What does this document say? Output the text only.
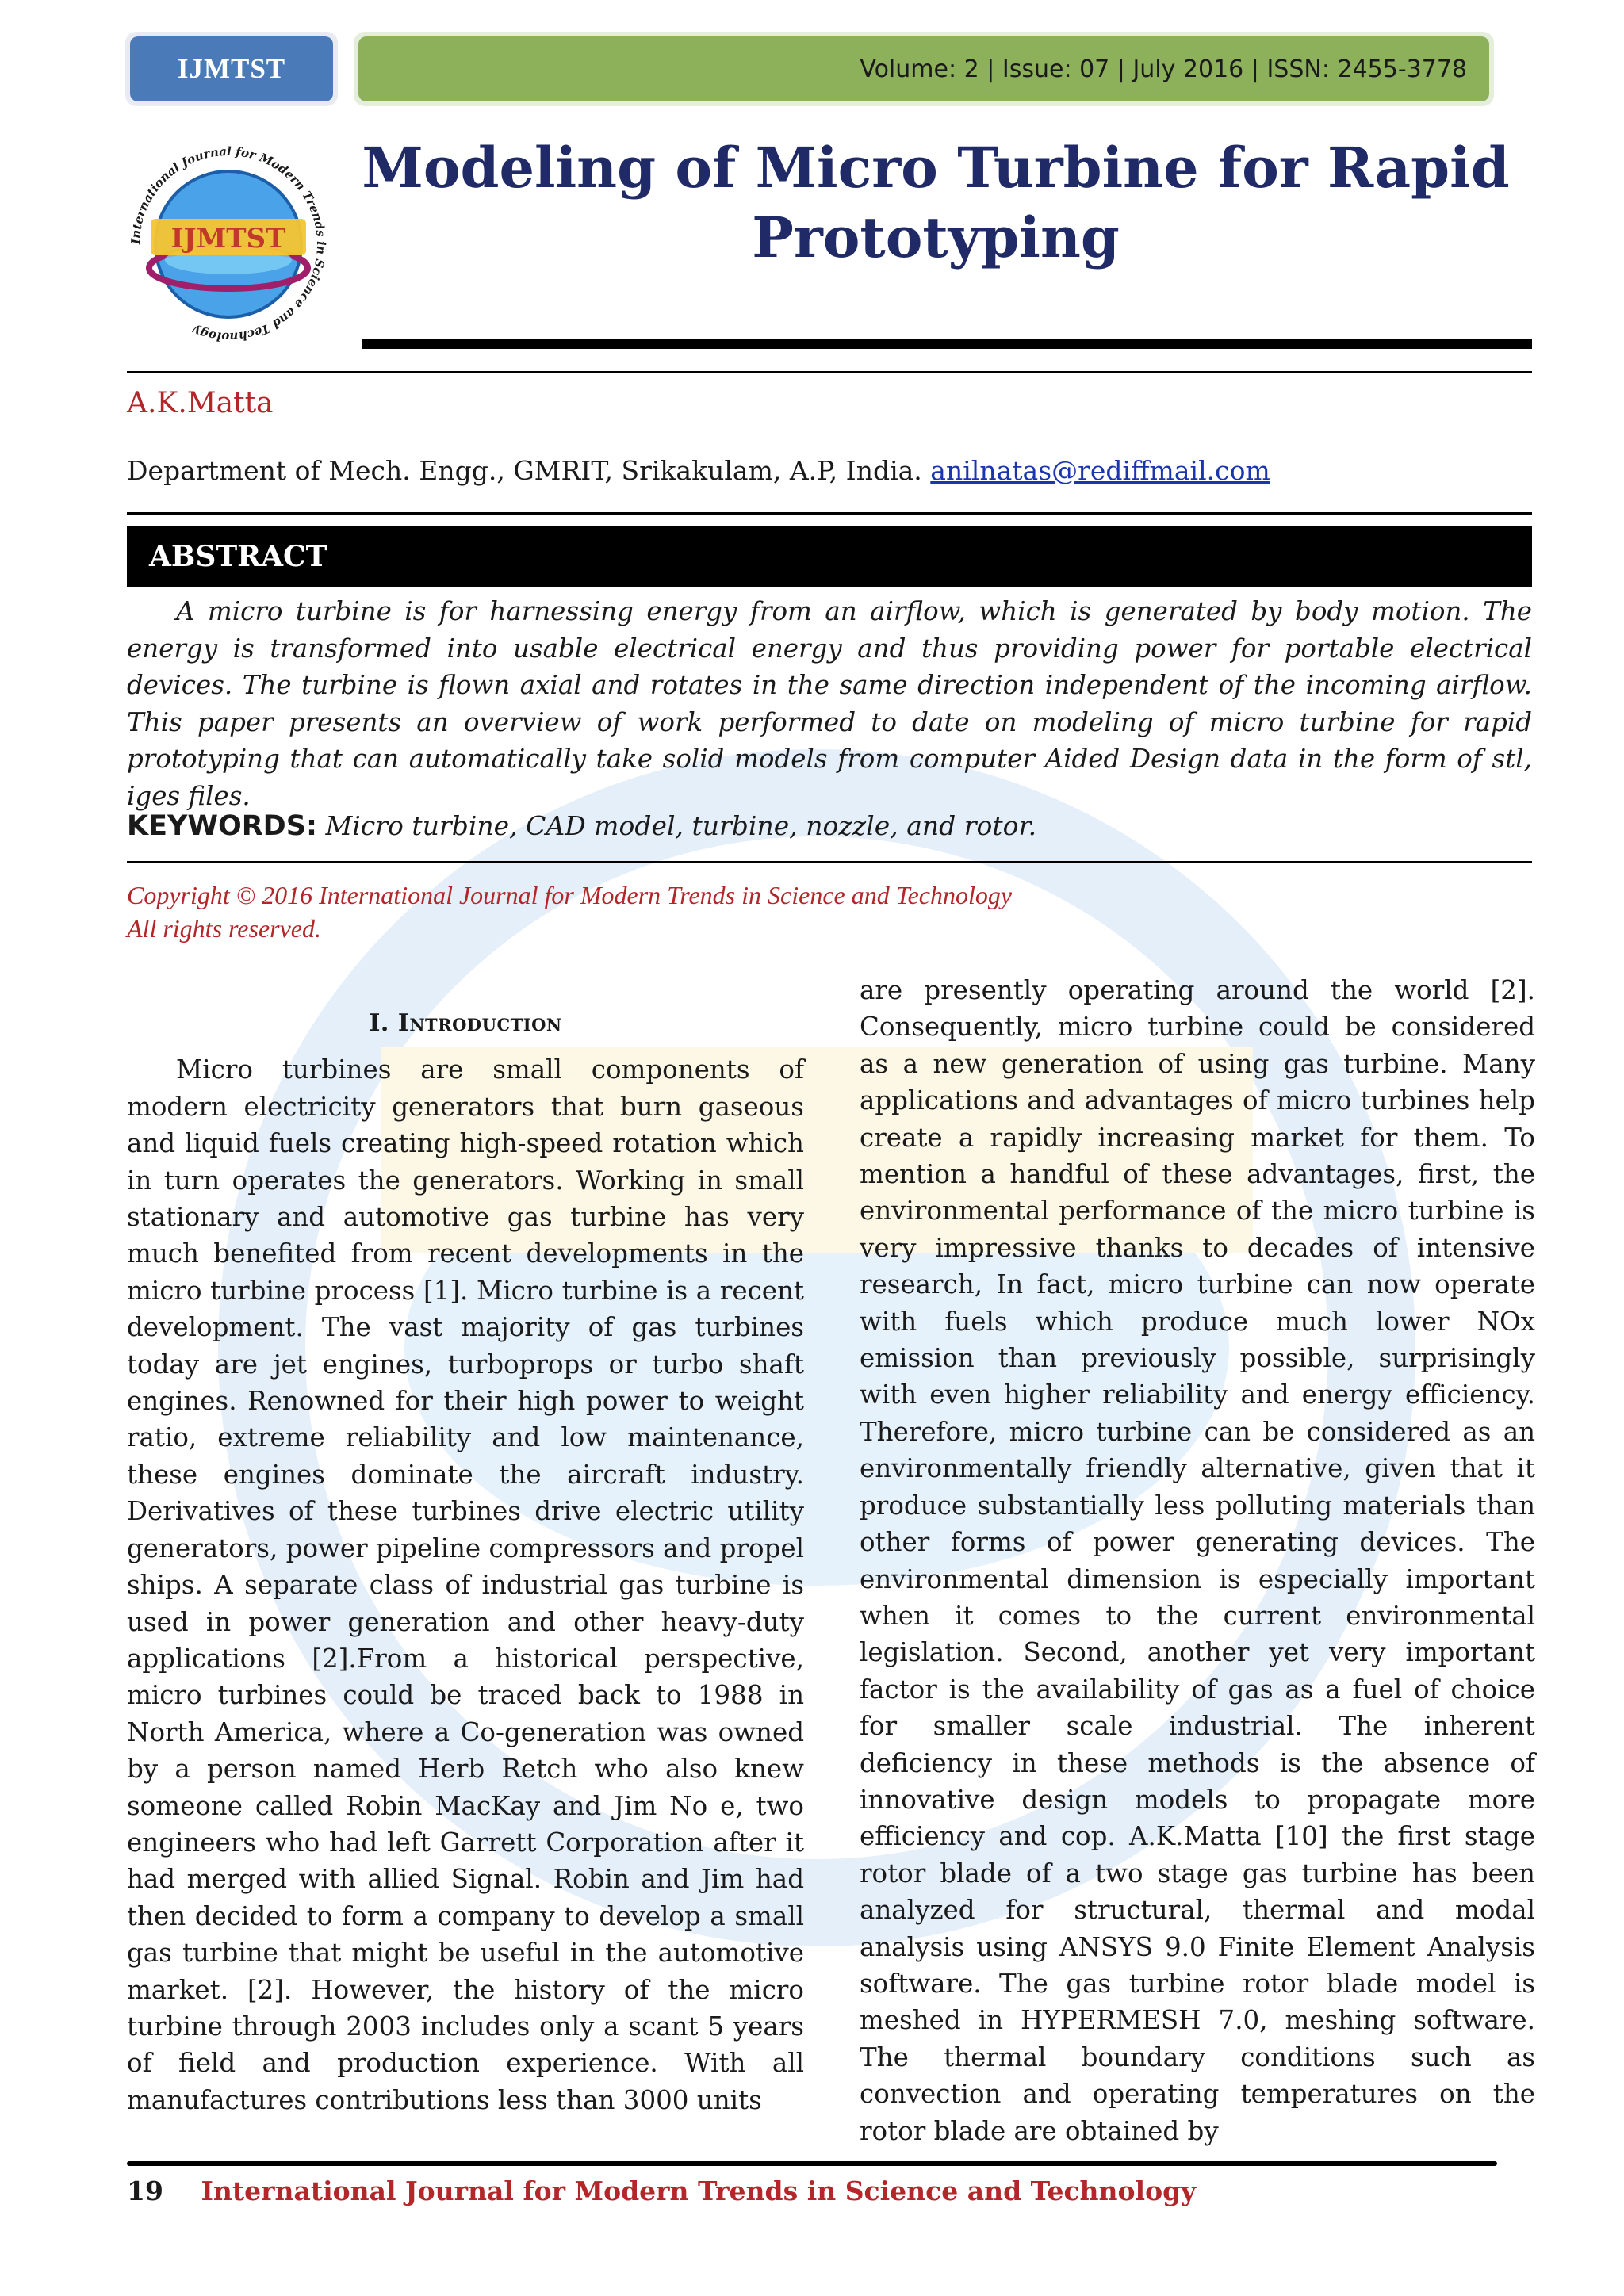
IJMTST	Volume: 2 | Issue: 07 | July 2016 | ISSN: 2455-3778
IJMTST
International Journal for Modern Trends in Science and Technology
Modeling of Micro Turbine for Rapid Prototyping
A.K.Matta
Department of Mech. Engg., GMRIT, Srikakulam, A.P, India. anilnatas@rediffmail.com
ABSTRACT
A micro turbine is for harnessing energy from an airflow, which is generated by body motion. The energy is transformed into usable electrical energy and thus providing power for portable electrical devices. The turbine is flown axial and rotates in the same direction independent of the incoming airflow. This paper presents an overview of work performed to date on modeling of micro turbine for rapid prototyping that can automatically take solid models from computer Aided Design data in the form of stl, iges files.
KEYWORDS: Micro turbine, CAD model, turbine, nozzle, and rotor.
Copyright © 2016 International Journal for Modern Trends in Science and Technology
All rights reserved.
I. Introduction

Micro turbines are small components of modern electricity generators that burn gaseous and liquid fuels creating high-speed rotation which in turn operates the generators. Working in small stationary and automotive gas turbine has very much benefited from recent developments in the micro turbine process [1]. Micro turbine is a recent development. The vast majority of gas turbines today are jet engines, turboprops or turbo shaft engines. Renowned for their high power to weight ratio, extreme reliability and low maintenance, these engines dominate the aircraft industry. Derivatives of these turbines drive electric utility generators, power pipeline compressors and propel ships. A separate class of industrial gas turbine is used in power generation and other heavy-duty applications [2].From a historical perspective, micro turbines could be traced back to 1988 in North America, where a Co-generation was owned by a person named Herb Retch who also knew someone called Robin MacKay and Jim No e, two engineers who had left Garrett Corporation after it had merged with allied Signal. Robin and Jim had then decided to form a company to develop a small gas turbine that might be useful in the automotive market. [2]. However, the history of the micro turbine through 2003 includes only a scant 5 years of field and production experience. With all manufactures contributions less than 3000 units

are presently operating around the world [2]. Consequently, micro turbine could be considered as a new generation of using gas turbine. Many applications and advantages of micro turbines help create a rapidly increasing market for them. To mention a handful of these advantages, first, the environmental performance of the micro turbine is very impressive thanks to decades of intensive research, In fact, micro turbine can now operate with fuels which produce much lower NOx emission than previously possible, surprisingly with even higher reliability and energy efficiency. Therefore, micro turbine can be considered as an environmentally friendly alternative, given that it produce substantially less polluting materials than other forms of power generating devices. The environmental dimension is especially important when it comes to the current environmental legislation. Second, another yet very important factor is the availability of gas as a fuel of choice for smaller scale industrial. The inherent deficiency in these methods is the absence of innovative design models to propagate more efficiency and cop. A.K.Matta [10] the first stage rotor blade of a two stage gas turbine has been analyzed for structural, thermal and modal analysis using ANSYS 9.0 Finite Element Analysis software. The gas turbine rotor blade model is meshed in HYPERMESH 7.0, meshing software. The thermal boundary conditions such as convection and operating temperatures on the rotor blade are obtained by

19 International Journal for Modern Trends in Science and Technology
